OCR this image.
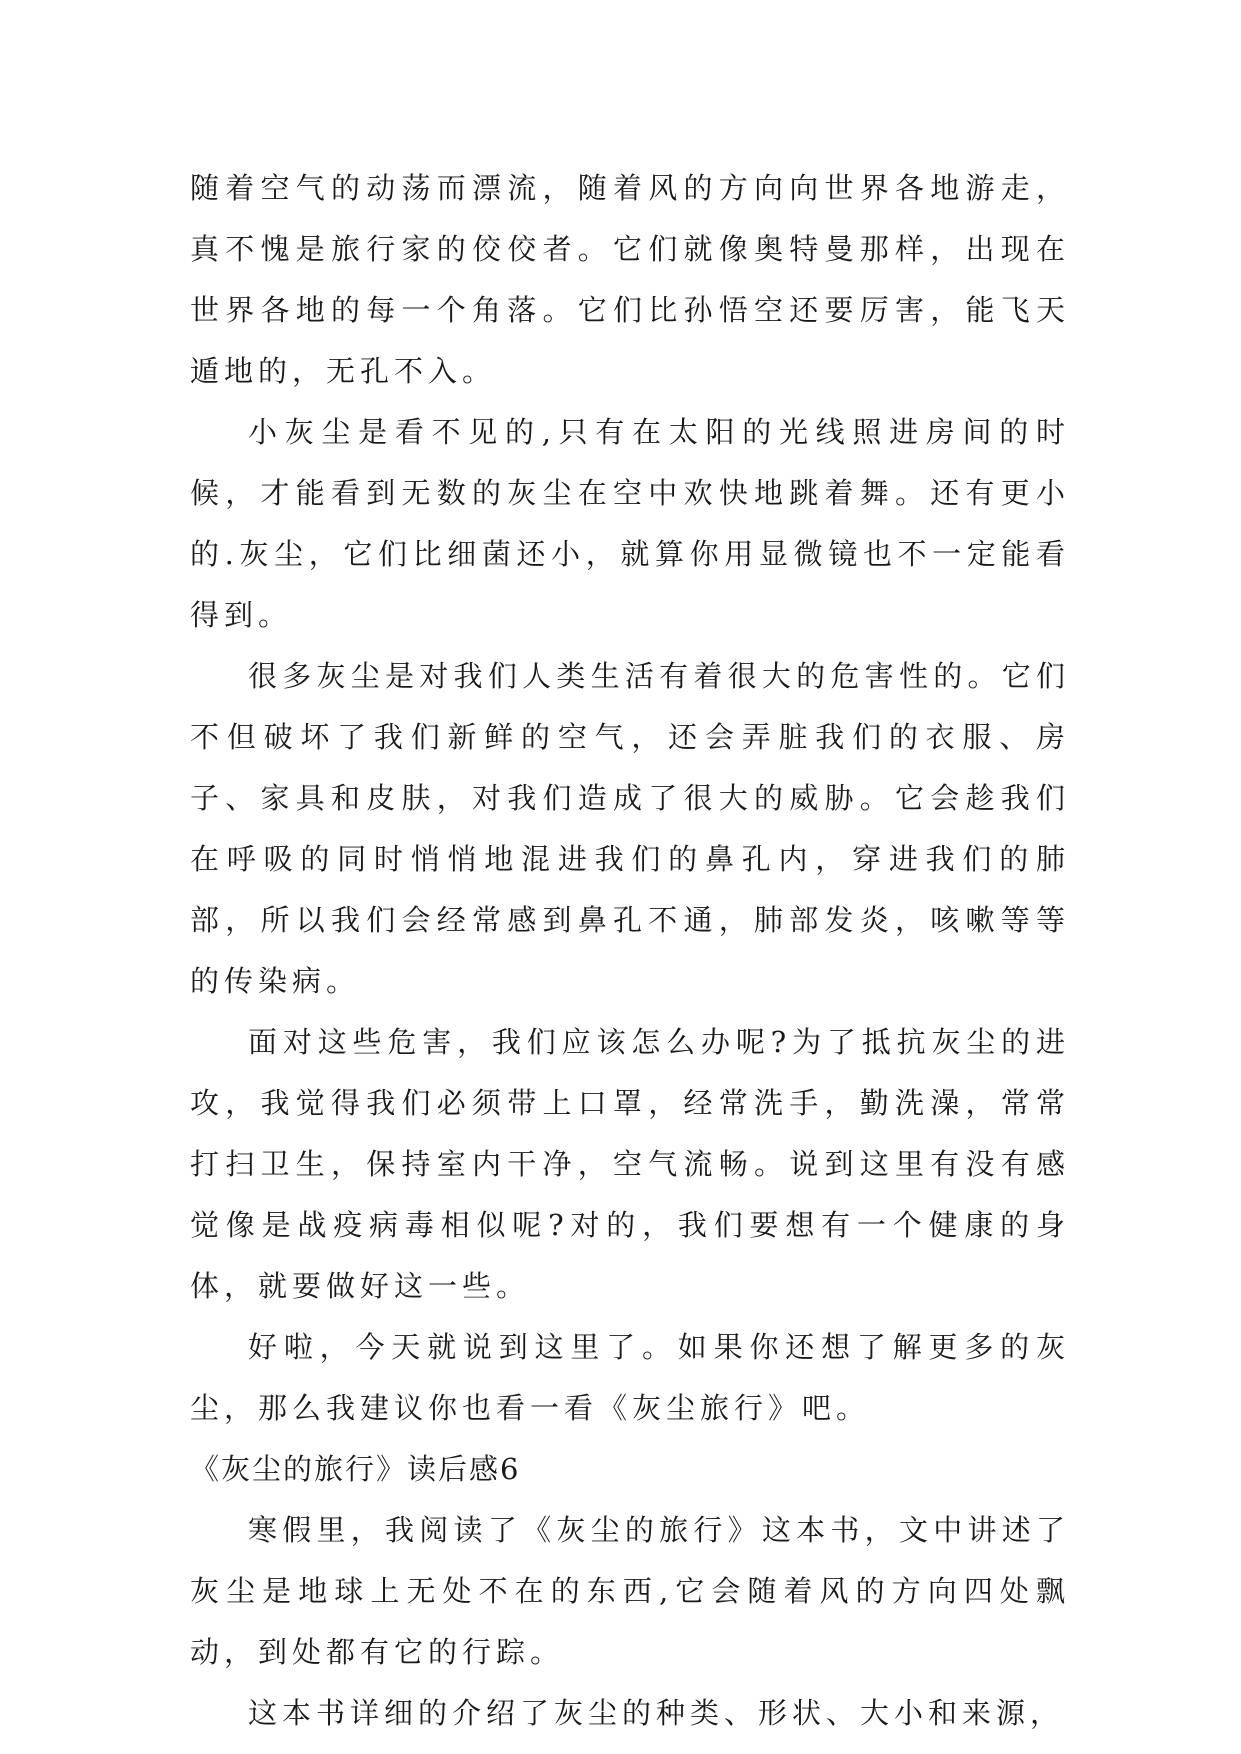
随着空气的动荡而漂流，随着风的方向向世界各地游走，真不愧是旅行家的佼佼者。它们就像奥特曼那样，出现在世界各地的每一个角落。它们比孙悟空还要厉害，能飞天遁地的，无孔不入。

小灰尘是看不见的,只有在太阳的光线照进房间的时候，才能看到无数的灰尘在空中欢快地跳着舞。还有更小的.灰尘，它们比细菌还小，就算你用显微镜也不一定能看得到。

很多灰尘是对我们人类生活有着很大的危害性的。它们不但破坏了我们新鲜的空气，还会弄脏我们的衣服、房子、家具和皮肤，对我们造成了很大的威胁。它会趁我们在呼吸的同时悄悄地混进我们的鼻孔内，穿进我们的肺部，所以我们会经常感到鼻孔不通，肺部发炎，咳嗽等等的传染病。

面对这些危害，我们应该怎么办呢?为了抵抗灰尘的进攻，我觉得我们必须带上口罩，经常洗手，勤洗澡，常常打扫卫生，保持室内干净，空气流畅。说到这里有没有感觉像是战疫病毒相似呢?对的，我们要想有一个健康的身体，就要做好这一些。

好啦，今天就说到这里了。如果你还想了解更多的灰尘，那么我建议你也看一看《灰尘旅行》吧。

《灰尘的旅行》读后感6

寒假里，我阅读了《灰尘的旅行》这本书，文中讲述了灰尘是地球上无处不在的东西,它会随着风的方向四处飘动，到处都有它的行踪。

这本书详细的介绍了灰尘的种类、形状、大小和来源，
